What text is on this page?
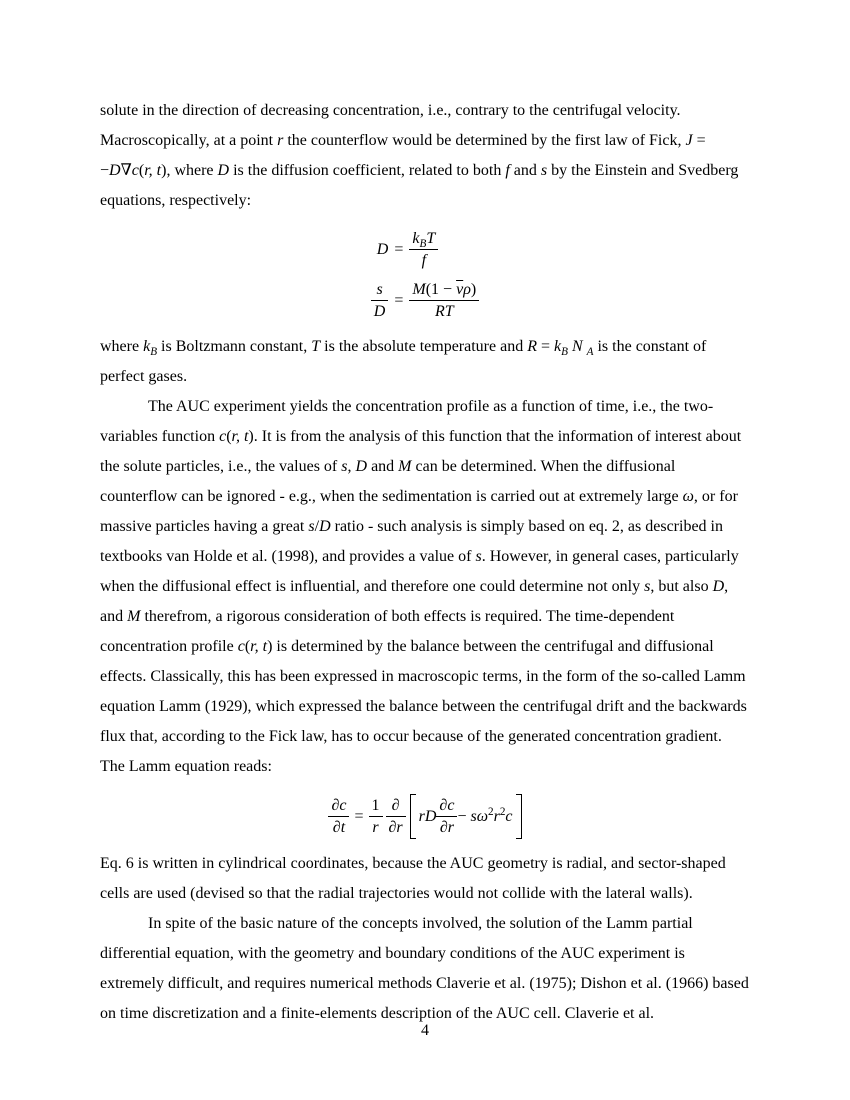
solute in the direction of decreasing concentration, i.e., contrary to the centrifugal velocity. Macroscopically, at a point r the counterflow would be determined by the first law of Fick, J = −D∇c(r, t), where D is the diffusion coefficient, related to both f and s by the Einstein and Svedberg equations, respectively:

D	=	$\frac{k_BT}{f}$

$\frac{s}{D}$	=	$\frac{M(1 - \overline{\nu}\rho)}{RT}$

where $k_B$ is Boltzmann constant, T is the absolute temperature and $R = k_B$ N $_A$ is the constant of perfect gases.

The AUC experiment yields the concentration profile as a function of time, i.e., the two-variables function c(r, t). It is from the analysis of this function that the information of interest about the solute particles, i.e., the values of s, D and M can be determined. When the diffusional counterflow can be ignored - e.g., when the sedimentation is carried out at extremely large ω, or for massive particles having a great s/D ratio - such analysis is simply based on eq. 2, as described in textbooks van Holde et al. (1998), and provides a value of s. However, in general cases, particularly when the diffusional effect is influential, and therefore one could determine not only s, but also D, and M therefrom, a rigorous consideration of both effects is required. The time-dependent concentration profile c(r, t) is determined by the balance between the centrifugal and diffusional effects. Classically, this has been expressed in macroscopic terms, in the form of the so-called Lamm equation Lamm (1929), which expressed the balance between the centrifugal drift and the backwards flux that, according to the Fick law, has to occur because of the generated concentration gradient. The Lamm equation reads:

$\frac{\partial c}{\partial t} = \frac{1}{r} \frac{\partial}{\partial r}$ rD $\frac{\partial c}{\partial r} - s\omega^2r^2c$

Eq. 6 is written in cylindrical coordinates, because the AUC geometry is radial, and sector-shaped cells are used (devised so that the radial trajectories would not collide with the lateral walls).

In spite of the basic nature of the concepts involved, the solution of the Lamm partial differential equation, with the geometry and boundary conditions of the AUC experiment is extremely difficult, and requires numerical methods Claverie et al. (1975); Dishon et al. (1966) based on time discretization and a finite-elements description of the AUC cell. Claverie et al.

4
